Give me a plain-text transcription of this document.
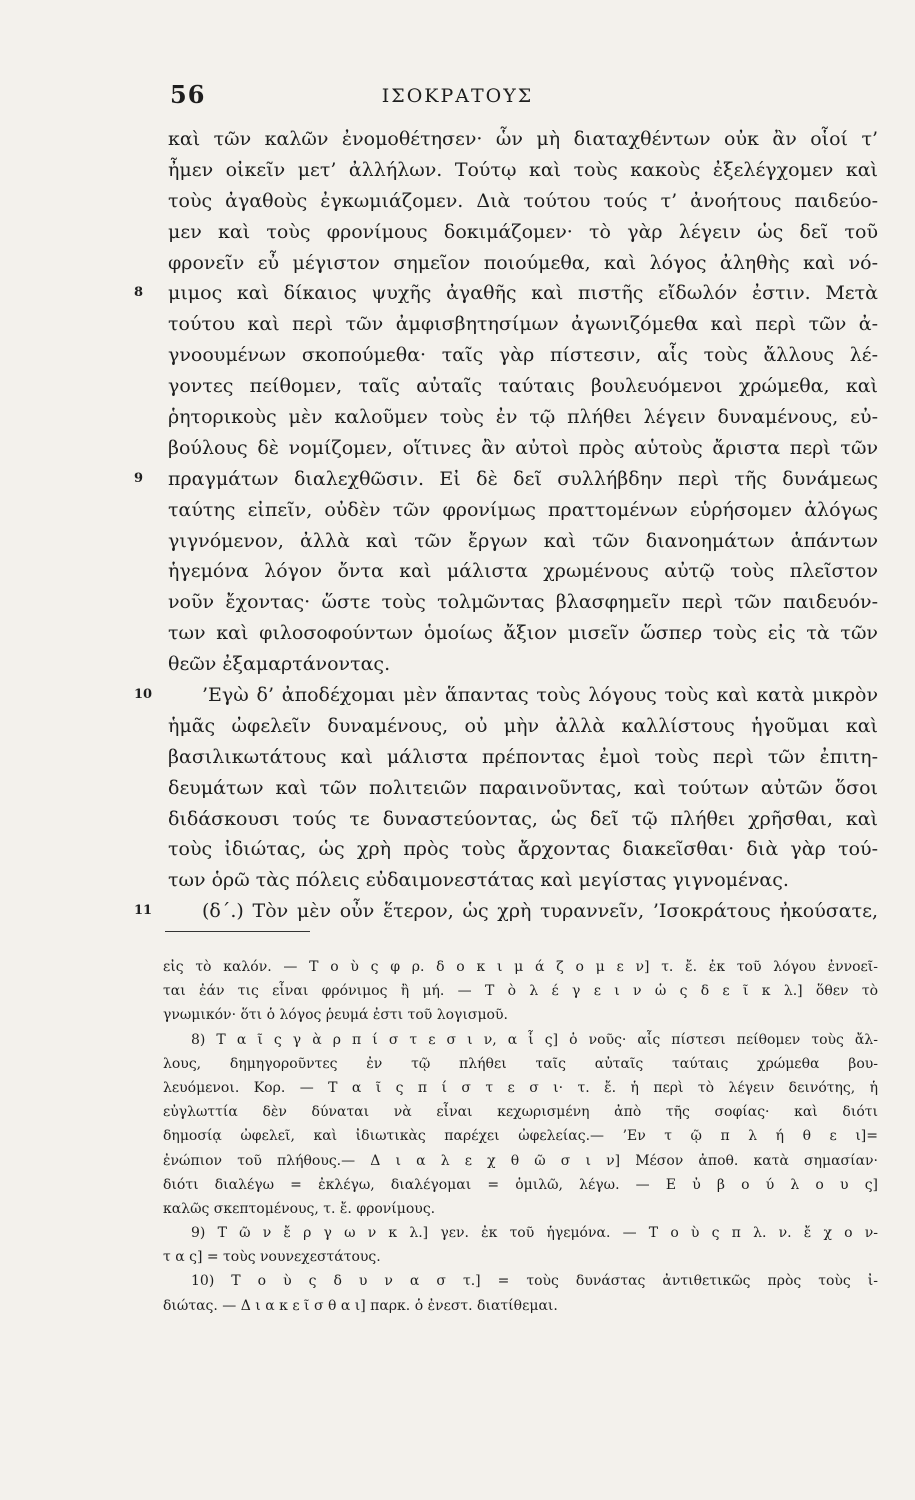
56	ΙΣΟΚΡΑΤΟΥΣ
καὶ τῶν καλῶν ἐνομοθέτησεν· ὧν μὴ διαταχθέντων οὐκ ἂν οἷοί τ’
ἦμεν οἰκεῖν μετ’ ἀλλήλων. Τούτῳ καὶ τοὺς κακοὺς ἐξελέγχομεν καὶ
τοὺς ἀγαθοὺς ἐγκωμιάζομεν. Διὰ τούτου τούς τ’ ἀνοήτους παιδεύο-
μεν καὶ τοὺς φρονίμους δοκιμάζομεν· τὸ γὰρ λέγειν ὡς δεῖ τοῦ
φρονεῖν εὖ μέγιστον σημεῖον ποιούμεθα, καὶ λόγος ἀληθὴς καὶ νό-
8 μιμος καὶ δίκαιος ψυχῆς ἀγαθῆς καὶ πιστῆς εἴδωλόν ἐστιν. Μετὰ
τούτου καὶ περὶ τῶν ἀμφισβητησίμων ἀγωνιζόμεθα καὶ περὶ τῶν ἀ-
γνοουμένων σκοπούμεθα· ταῖς γὰρ πίστεσιν, αἷς τοὺς ἄλλους λέ-
γοντες πείθομεν, ταῖς αὐταῖς ταύταις βουλευόμενοι χρώμεθα, καὶ
ῥητορικοὺς μὲν καλοῦμεν τοὺς ἐν τῷ πλήθει λέγειν δυναμένους, εὐ-
βούλους δὲ νομίζομεν, οἵτινες ἂν αὐτοὶ πρὸς αὑτοὺς ἄριστα περὶ τῶν
9 πραγμάτων διαλεχθῶσιν. Εἰ δὲ δεῖ συλλήβδην περὶ τῆς δυνάμεως
ταύτης εἰπεῖν, οὐδὲν τῶν φρονίμως πραττομένων εὑρήσομεν ἀλόγως
γιγνόμενον, ἀλλὰ καὶ τῶν ἔργων καὶ τῶν διανοημάτων ἁπάντων
ἡγεμόνα λόγον ὄντα καὶ μάλιστα χρωμένους αὐτῷ τοὺς πλεῖστον
νοῦν ἔχοντας· ὥστε τοὺς τολμῶντας βλασφημεῖν περὶ τῶν παιδευόν-
των καὶ φιλοσοφούντων ὁμοίως ἄξιον μισεῖν ὥσπερ τοὺς εἰς τὰ τῶν
θεῶν ἐξαμαρτάνοντας.
10	’Εγὼ δ’ ἀποδέχομαι μὲν ἅπαντας τοὺς λόγους τοὺς καὶ κατὰ μικρὸν
ἡμᾶς ὠφελεῖν δυναμένους, οὐ μὴν ἀλλὰ καλλίστους ἡγοῦμαι καὶ
βασιλικωτάτους καὶ μάλιστα πρέποντας ἐμοὶ τοὺς περὶ τῶν ἐπιτη-
δευμάτων καὶ τῶν πολιτειῶν παραινοῦντας, καὶ τούτων αὐτῶν ὅσοι
διδάσκουσι τούς τε δυναστεύοντας, ὡς δεῖ τῷ πλήθει χρῆσθαι, καὶ
τοὺς ἰδιώτας, ὡς χρὴ πρὸς τοὺς ἄρχοντας διακεῖσθαι· διὰ γὰρ τού-
των ὁρῶ τὰς πόλεις εὐδαιμονεστάτας καὶ μεγίστας γιγνομένας.
11	(δ΄.) Τὸν μὲν οὖν ἕτερον, ὡς χρὴ τυραννεῖν, ’Ισοκράτους ἠκούσατε,
εἰς τὸ καλόν. — Τ ο ὺ ς φ ρ. δ ο κ ι μ ά ζ ο μ ε ν] τ. ἔ. ἐκ τοῦ λόγου ἐννοεῖ-
ται ἐάν τις εἶναι φρόνιμος ἢ μή. — Τ ὸ λ έ γ ε ι ν ὡ ς δ ε ῖ κ λ.] ὅθεν τὸ
γνωμικόν· ὅτι ὁ λόγος ῥευμά ἐστι τοῦ λογισμοῦ.
8) Τ α ῖ ς γ ὰ ρ π ί σ τ ε σ ι ν, α ἷ ς] ὁ νοῦς· αἷς πίστεσι πείθομεν τοὺς ἄλ-
λους, δημηγοροῦντες ἐν τῷ πλήθει ταῖς αὐταῖς ταύταις χρώμεθα βου-
λευόμενοι. Κορ. — Τ α ῖ ς π ί σ τ ε σ ι· τ. ἔ. ἡ περὶ τὸ λέγειν δεινότης, ἡ
εὐγλωττία δὲν δύναται νὰ εἶναι κεχωρισμένη ἀπὸ τῆς σοφίας· καὶ διότι
δημοσίᾳ ὠφελεῖ, καὶ ἰδιωτικὰς παρέχει ὠφελείας.— ’Εν τ ῷ π λ ή θ ε ι]=
ἐνώπιον τοῦ πλήθους.— Δ ι α λ ε χ θ ῶ σ ι ν] Μέσον ἀποθ. κατὰ σημασίαν·
διότι διαλέγω = ἐκλέγω, διαλέγομαι = ὁμιλῶ, λέγω. — Ε ὐ β ο ύ λ ο υ ς]
καλῶς σκεπτομένους, τ. ἔ. φρονίμους.
9) Τ ῶ ν ἔ ρ γ ω ν κ λ.] γεν. ἐκ τοῦ ἡγεμόνα. — Τ ο ὺ ς π λ. ν. ἔ χ ο ν-
τ α ς] = τοὺς νουνεχεστάτους.
10) Τ ο ὺ ς δ υ ν α σ τ.] = τοὺς δυνάστας ἀντιθετικῶς πρὸς τοὺς ἰ-
διώτας. — Δ ι α κ ε ῖ σ θ α ι] παρκ. ὁ ἐνεστ. διατίθεμαι.
